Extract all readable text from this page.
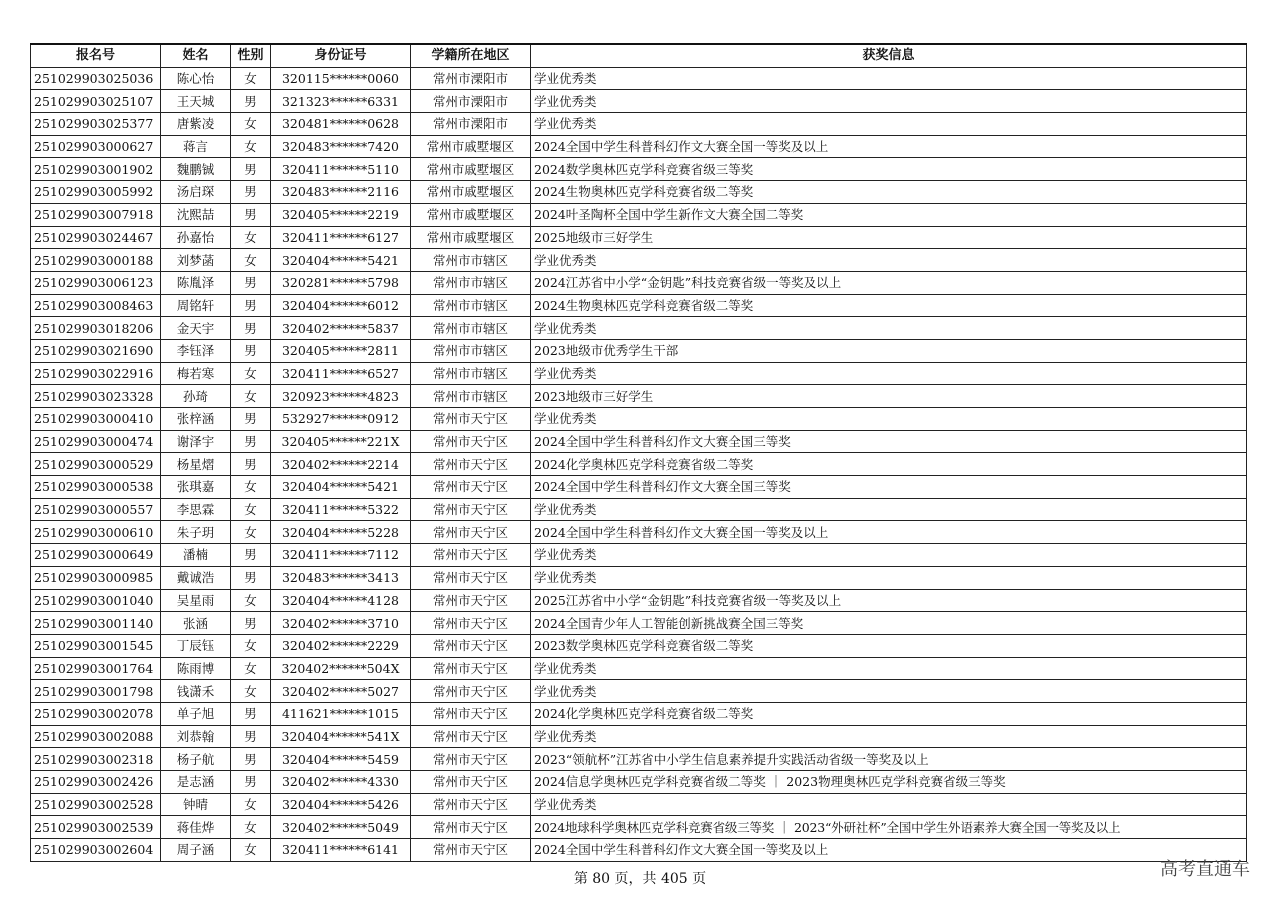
报名号	姓名	性别	身份证号	学籍所在地区	获奖信息
251029903025036	陈心怡	女	320115******0060	常州市溧阳市	学业优秀类
251029903025107	王天城	男	321323******6331	常州市溧阳市	学业优秀类
251029903025377	唐紫凌	女	320481******0628	常州市溧阳市	学业优秀类
251029903000627	蒋言	女	320483******7420	常州市戚墅堰区	2024全国中学生科普科幻作文大赛全国一等奖及以上
251029903001902	魏鹏铖	男	320411******5110	常州市戚墅堰区	2024数学奥林匹克学科竞赛省级三等奖
251029903005992	汤启琛	男	320483******2116	常州市戚墅堰区	2024生物奥林匹克学科竞赛省级二等奖
251029903007918	沈熙喆	男	320405******2219	常州市戚墅堰区	2024叶圣陶杯全国中学生新作文大赛全国二等奖
251029903024467	孙嘉怡	女	320411******6127	常州市戚墅堰区	2025地级市三好学生
251029903000188	刘梦菡	女	320404******5421	常州市市辖区	学业优秀类
251029903006123	陈胤泽	男	320281******5798	常州市市辖区	2024江苏省中小学“金钥匙”科技竞赛省级一等奖及以上
251029903008463	周铭轩	男	320404******6012	常州市市辖区	2024生物奥林匹克学科竞赛省级二等奖
251029903018206	金天宇	男	320402******5837	常州市市辖区	学业优秀类
251029903021690	李钰泽	男	320405******2811	常州市市辖区	2023地级市优秀学生干部
251029903022916	梅若寒	女	320411******6527	常州市市辖区	学业优秀类
251029903023328	孙琦	女	320923******4823	常州市市辖区	2023地级市三好学生
251029903000410	张梓涵	男	532927******0912	常州市天宁区	学业优秀类
251029903000474	谢泽宇	男	320405******221X	常州市天宁区	2024全国中学生科普科幻作文大赛全国三等奖
251029903000529	杨星熠	男	320402******2214	常州市天宁区	2024化学奥林匹克学科竞赛省级二等奖
251029903000538	张琪嘉	女	320404******5421	常州市天宁区	2024全国中学生科普科幻作文大赛全国三等奖
251029903000557	李思霖	女	320411******5322	常州市天宁区	学业优秀类
251029903000610	朱子玥	女	320404******5228	常州市天宁区	2024全国中学生科普科幻作文大赛全国一等奖及以上
251029903000649	潘楠	男	320411******7112	常州市天宁区	学业优秀类
251029903000985	戴诚浩	男	320483******3413	常州市天宁区	学业优秀类
251029903001040	吴星雨	女	320404******4128	常州市天宁区	2025江苏省中小学“金钥匙”科技竞赛省级一等奖及以上
251029903001140	张涵	男	320402******3710	常州市天宁区	2024全国青少年人工智能创新挑战赛全国三等奖
251029903001545	丁辰钰	女	320402******2229	常州市天宁区	2023数学奥林匹克学科竞赛省级二等奖
251029903001764	陈雨博	女	320402******504X	常州市天宁区	学业优秀类
251029903001798	钱潇禾	女	320402******5027	常州市天宁区	学业优秀类
251029903002078	单子旭	男	411621******1015	常州市天宁区	2024化学奥林匹克学科竞赛省级二等奖
251029903002088	刘恭翰	男	320404******541X	常州市天宁区	学业优秀类
251029903002318	杨子航	男	320404******5459	常州市天宁区	2023“领航杯”江苏省中小学生信息素养提升实践活动省级一等奖及以上
251029903002426	是志涵	男	320402******4330	常州市天宁区	2024信息学奥林匹克学科竞赛省级二等奖 ｜ 2023物理奥林匹克学科竞赛省级三等奖
251029903002528	钟晴	女	320404******5426	常州市天宁区	学业优秀类
251029903002539	蒋佳烨	女	320402******5049	常州市天宁区	2024地球科学奥林匹克学科竞赛省级三等奖 ｜ 2023“外研社杯”全国中学生外语素养大赛全国一等奖及以上
251029903002604	周子涵	女	320411******6141	常州市天宁区	2024全国中学生科普科幻作文大赛全国一等奖及以上
第 80 页，共 405 页	高考直通车
